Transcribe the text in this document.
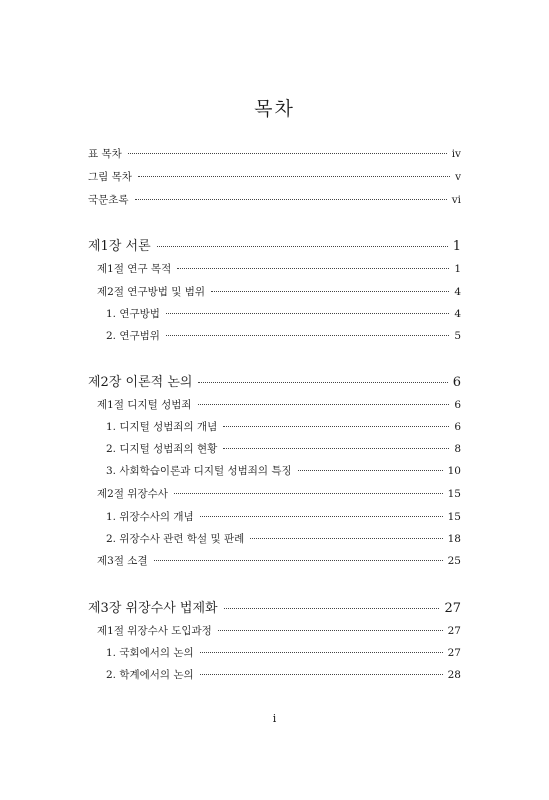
목차
표 목차	iv
그림 목차	v
국문초록	vi
제1장 서론	1
제1절 연구 목적	1
제2절 연구방법 및 범위	4
1. 연구방법	4
2. 연구범위	5
제2장 이론적 논의	6
제1절 디지털 성범죄	6
1. 디지털 성범죄의 개념	6
2. 디지털 성범죄의 현황	8
3. 사회학습이론과 디지털 성범죄의 특징	10
제2절 위장수사	15
1. 위장수사의 개념	15
2. 위장수사 관련 학설 및 판례	18
제3절 소결	25
제3장 위장수사 법제화	27
제1절 위장수사 도입과정	27
1. 국회에서의 논의	27
2. 학계에서의 논의	28
i
